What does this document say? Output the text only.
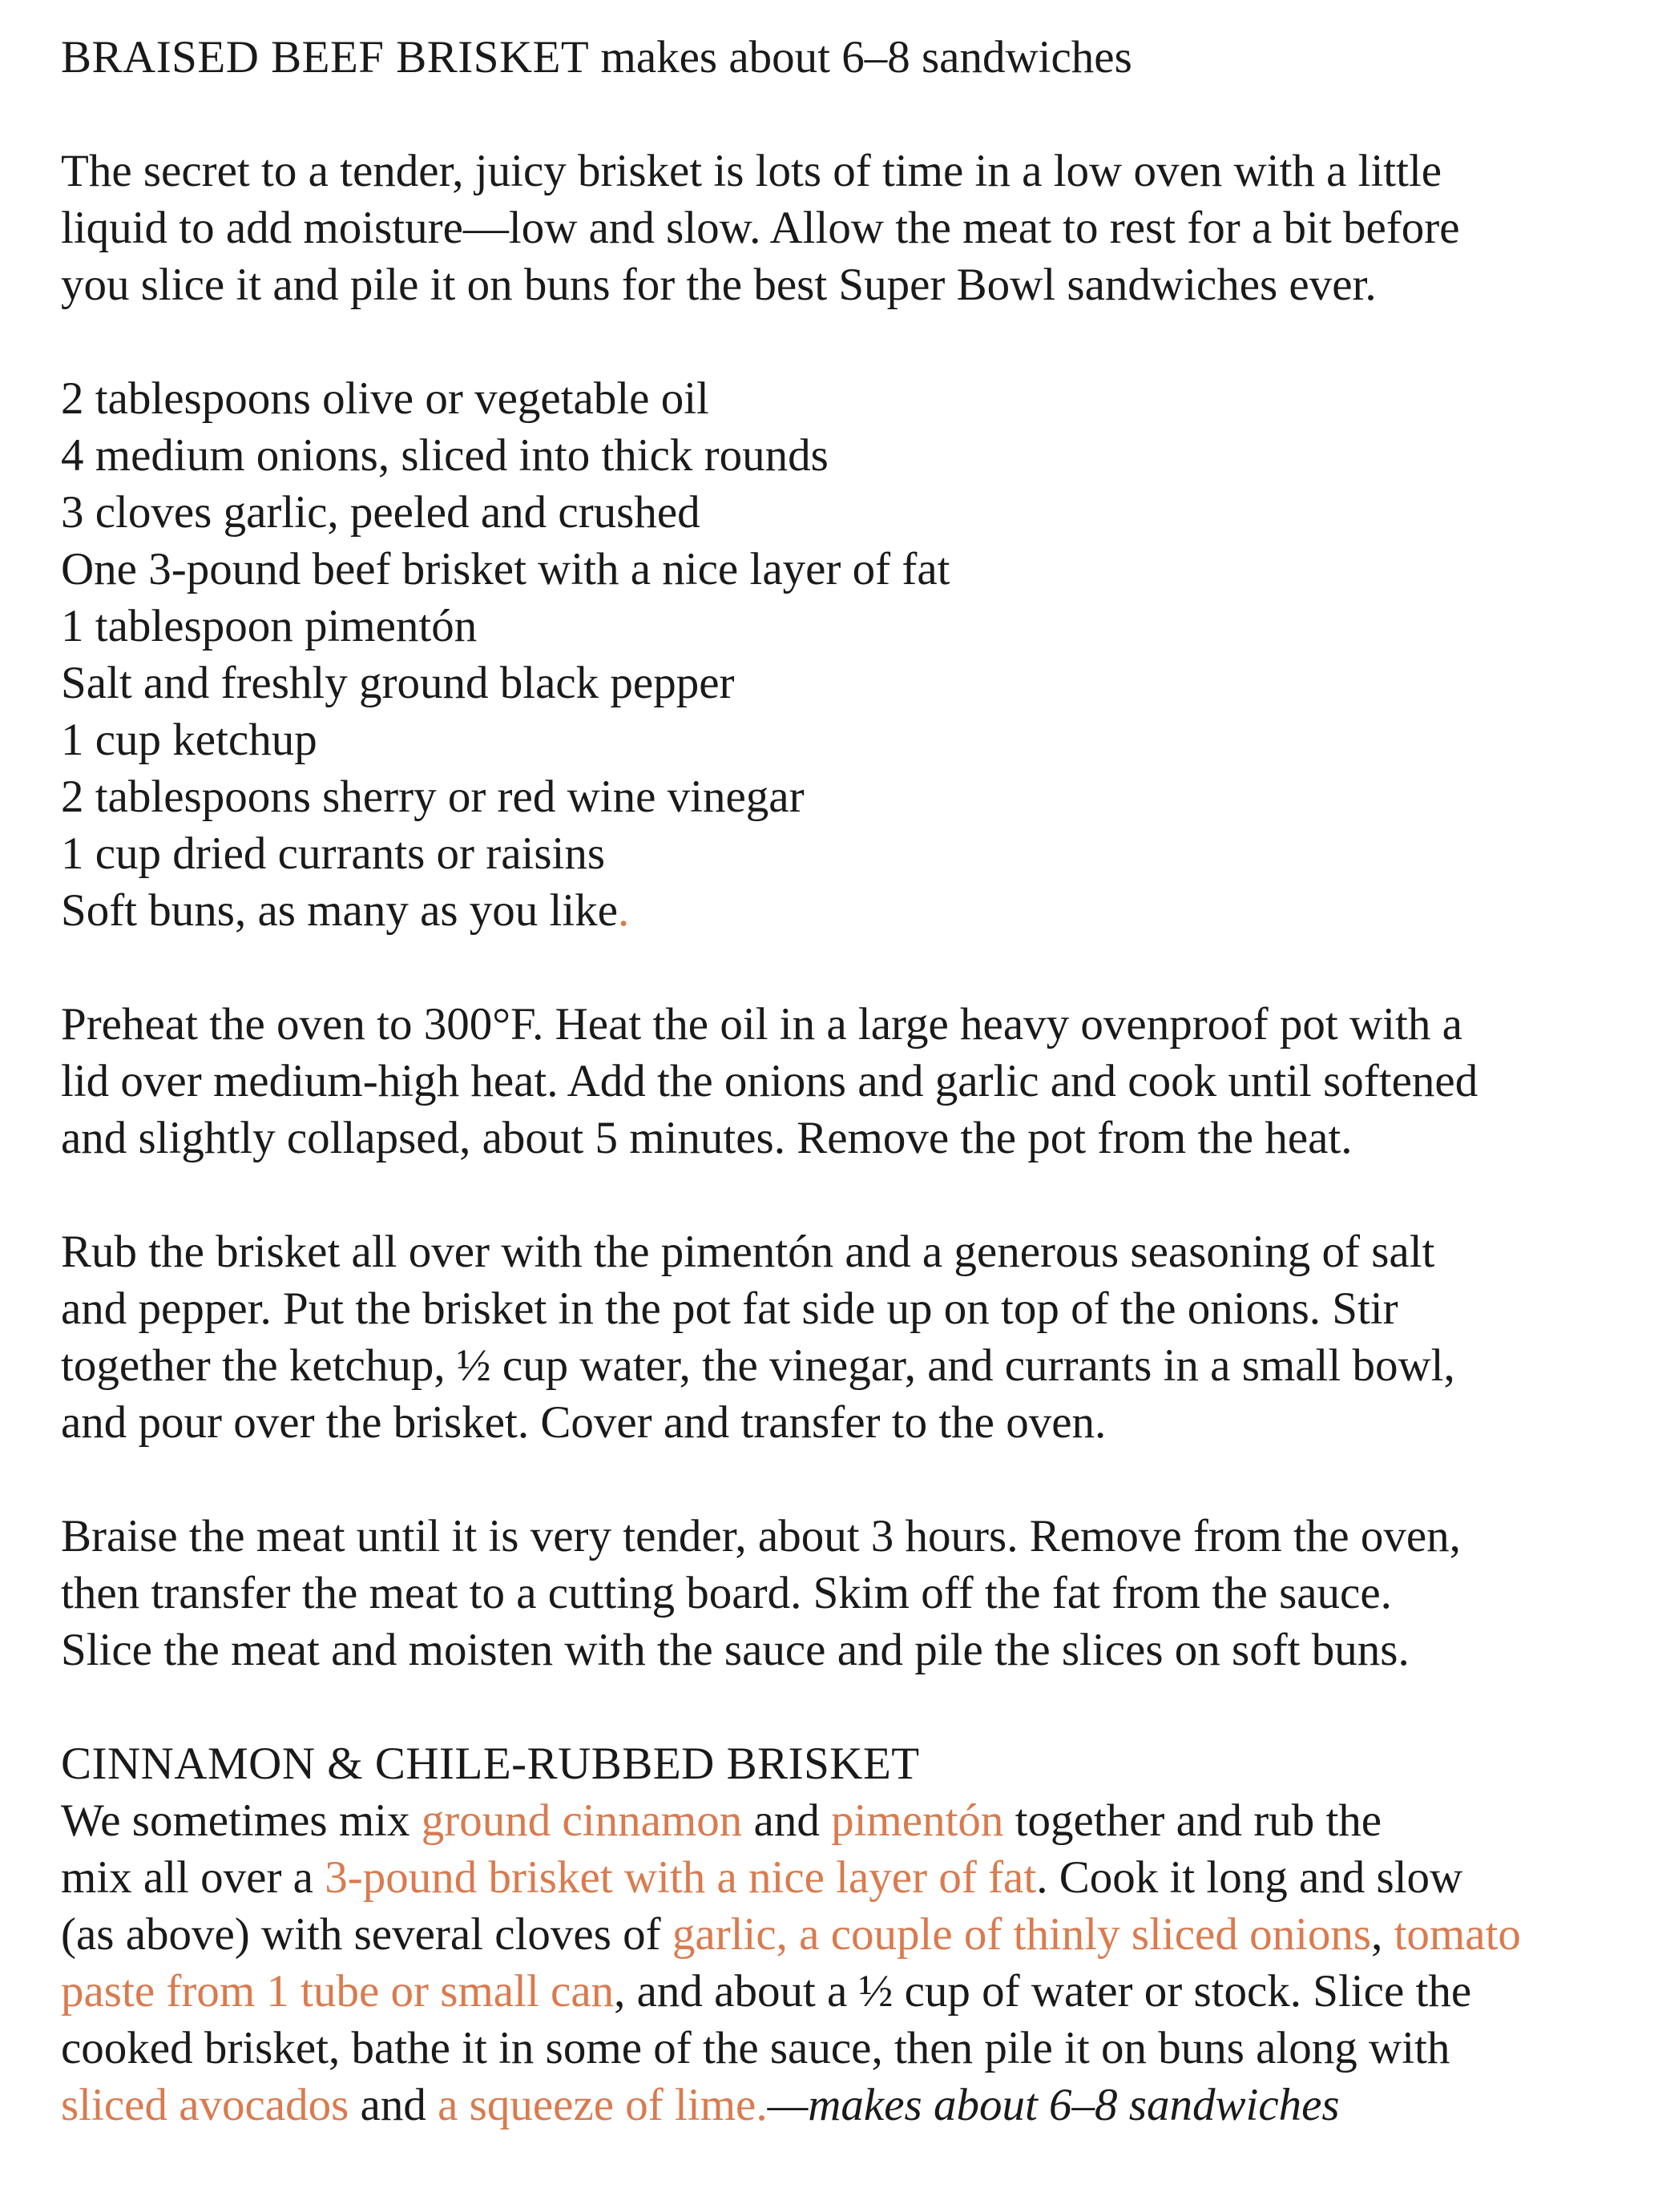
BRAISED BEEF BRISKET makes about 6–8 sandwiches
The secret to a tender, juicy brisket is lots of time in a low oven with a little
liquid to add moisture—low and slow. Allow the meat to rest for a bit before
you slice it and pile it on buns for the best Super Bowl sandwiches ever.
2 tablespoons olive or vegetable oil
4 medium onions, sliced into thick rounds
3 cloves garlic, peeled and crushed
One 3-pound beef brisket with a nice layer of fat
1 tablespoon pimentón
Salt and freshly ground black pepper
1 cup ketchup
2 tablespoons sherry or red wine vinegar
1 cup dried currants or raisins
Soft buns, as many as you like.
Preheat the oven to 300°F. Heat the oil in a large heavy ovenproof pot with a
lid over medium-high heat. Add the onions and garlic and cook until softened
and slightly collapsed, about 5 minutes. Remove the pot from the heat.
Rub the brisket all over with the pimentón and a generous seasoning of salt
and pepper. Put the brisket in the pot fat side up on top of the onions. Stir
together the ketchup, ½ cup water, the vinegar, and currants in a small bowl,
and pour over the brisket. Cover and transfer to the oven.
Braise the meat until it is very tender, about 3 hours. Remove from the oven,
then transfer the meat to a cutting board. Skim off the fat from the sauce.
Slice the meat and moisten with the sauce and pile the slices on soft buns.
CINNAMON & CHILE-RUBBED BRISKET
We sometimes mix ground cinnamon and pimentón together and rub the
mix all over a 3-pound brisket with a nice layer of fat. Cook it long and slow
(as above) with several cloves of garlic, a couple of thinly sliced onions, tomato
paste from 1 tube or small can, and about a ½ cup of water or stock. Slice the
cooked brisket, bathe it in some of the sauce, then pile it on buns along with
sliced avocados and a squeeze of lime.—makes about 6–8 sandwiches
